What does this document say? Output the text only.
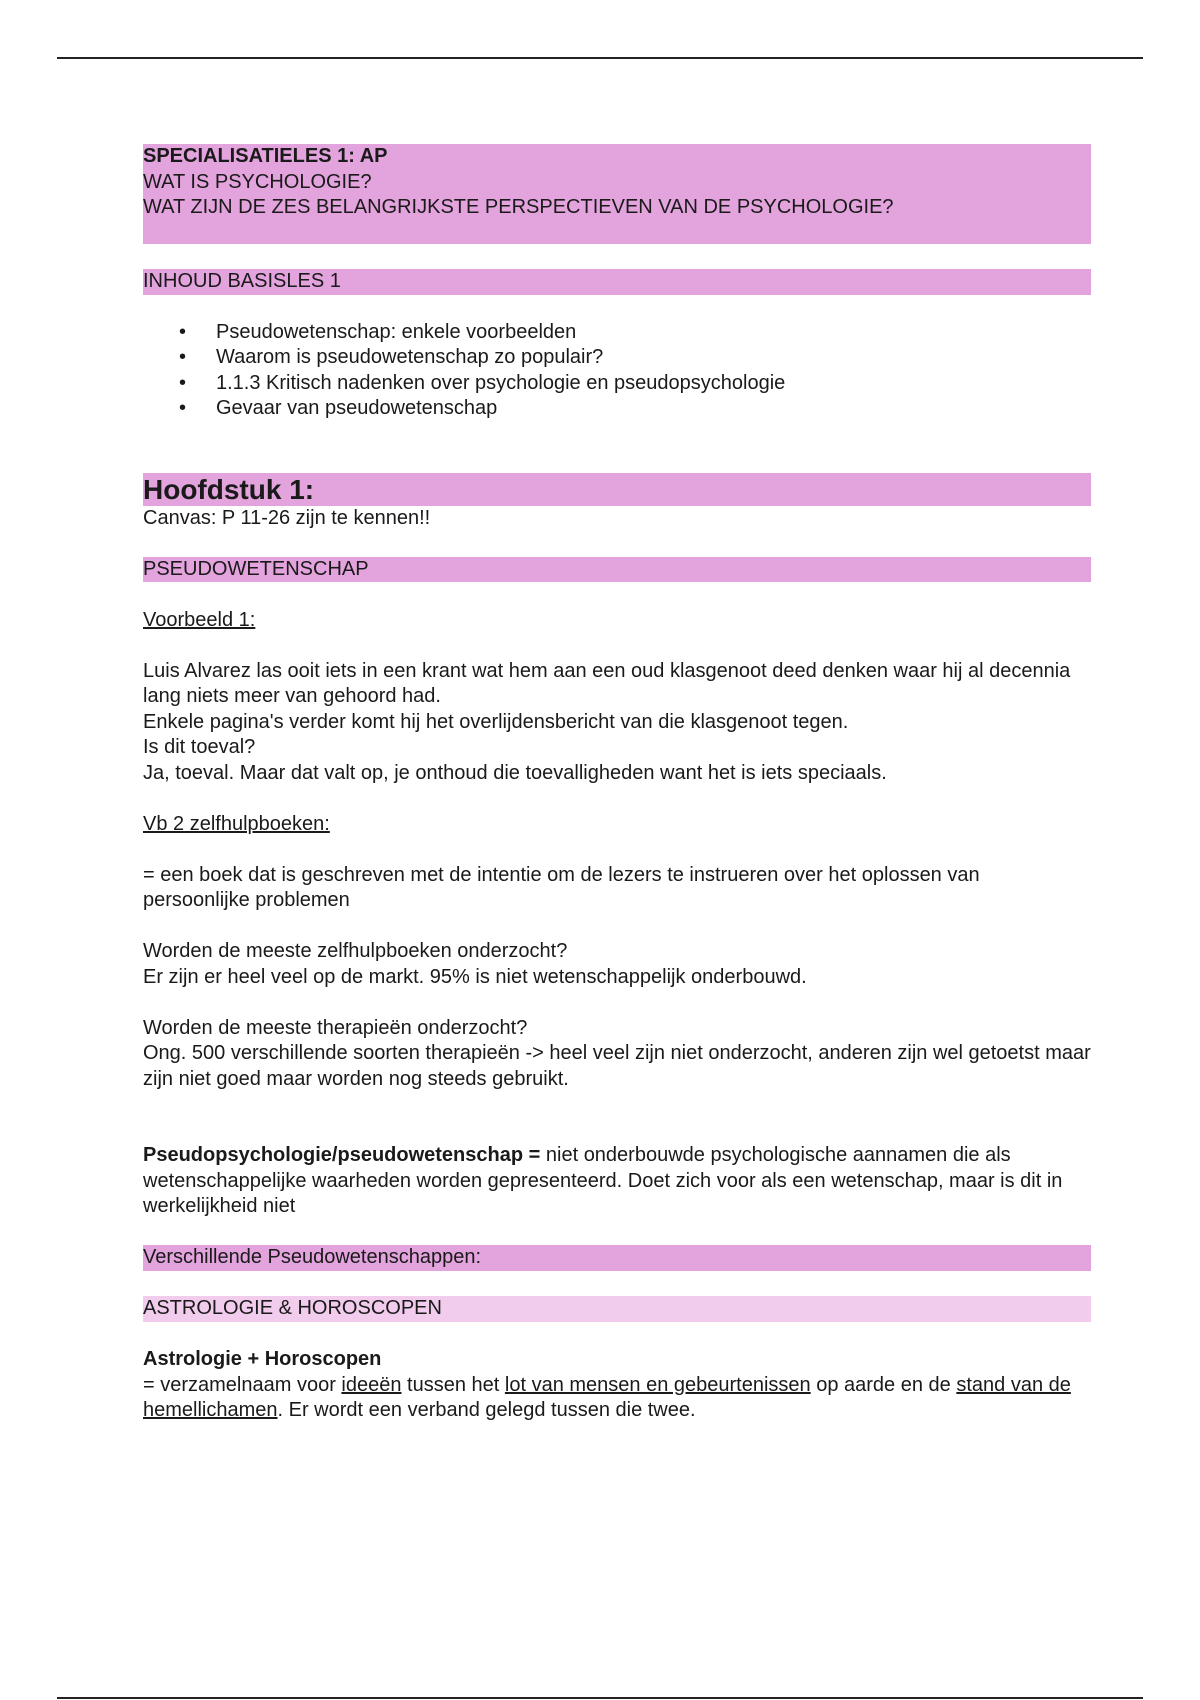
SPECIALISATIELES 1: AP

WAT IS PSYCHOLOGIE?

WAT ZIJN DE ZES BELANGRIJKSTE PERSPECTIEVEN VAN DE PSYCHOLOGIE?

INHOUD BASISLES 1

• Pseudowetenschap: enkele voorbeelden
• Waarom is pseudowetenschap zo populair?
• 1.1.3 Kritisch nadenken over psychologie en pseudopsychologie
• Gevaar van pseudowetenschap

Hoofdstuk 1:

Canvas: P 11-26 zijn te kennen!!

PSEUDOWETENSCHAP

Voorbeeld 1:

Luis Alvarez las ooit iets in een krant wat hem aan een oud klasgenoot deed denken waar hij al decennia lang niets meer van gehoord had.

Enkele pagina's verder komt hij het overlijdensbericht van die klasgenoot tegen.

Is dit toeval?

Ja, toeval. Maar dat valt op, je onthoud die toevalligheden want het is iets speciaals.

Vb 2 zelfhulpboeken:

= een boek dat is geschreven met de intentie om de lezers te instrueren over het oplossen van persoonlijke problemen

Worden de meeste zelfhulpboeken onderzocht?

Er zijn er heel veel op de markt. 95% is niet wetenschappelijk onderbouwd.

Worden de meeste therapieën onderzocht?

Ong. 500 verschillende soorten therapieën -> heel veel zijn niet onderzocht, anderen zijn wel getoetst maar zijn niet goed maar worden nog steeds gebruikt.

Pseudopsychologie/pseudowetenschap = niet onderbouwde psychologische aannamen die als wetenschappelijke waarheden worden gepresenteerd. Doet zich voor als een wetenschap, maar is dit in werkelijkheid niet

Verschillende Pseudowetenschappen:

ASTROLOGIE & HOROSCOPEN

Astrologie + Horoscopen

= verzamelnaam voor ideeën tussen het lot van mensen en gebeurtenissen op aarde en de stand van de hemellichamen. Er wordt een verband gelegd tussen die twee.
